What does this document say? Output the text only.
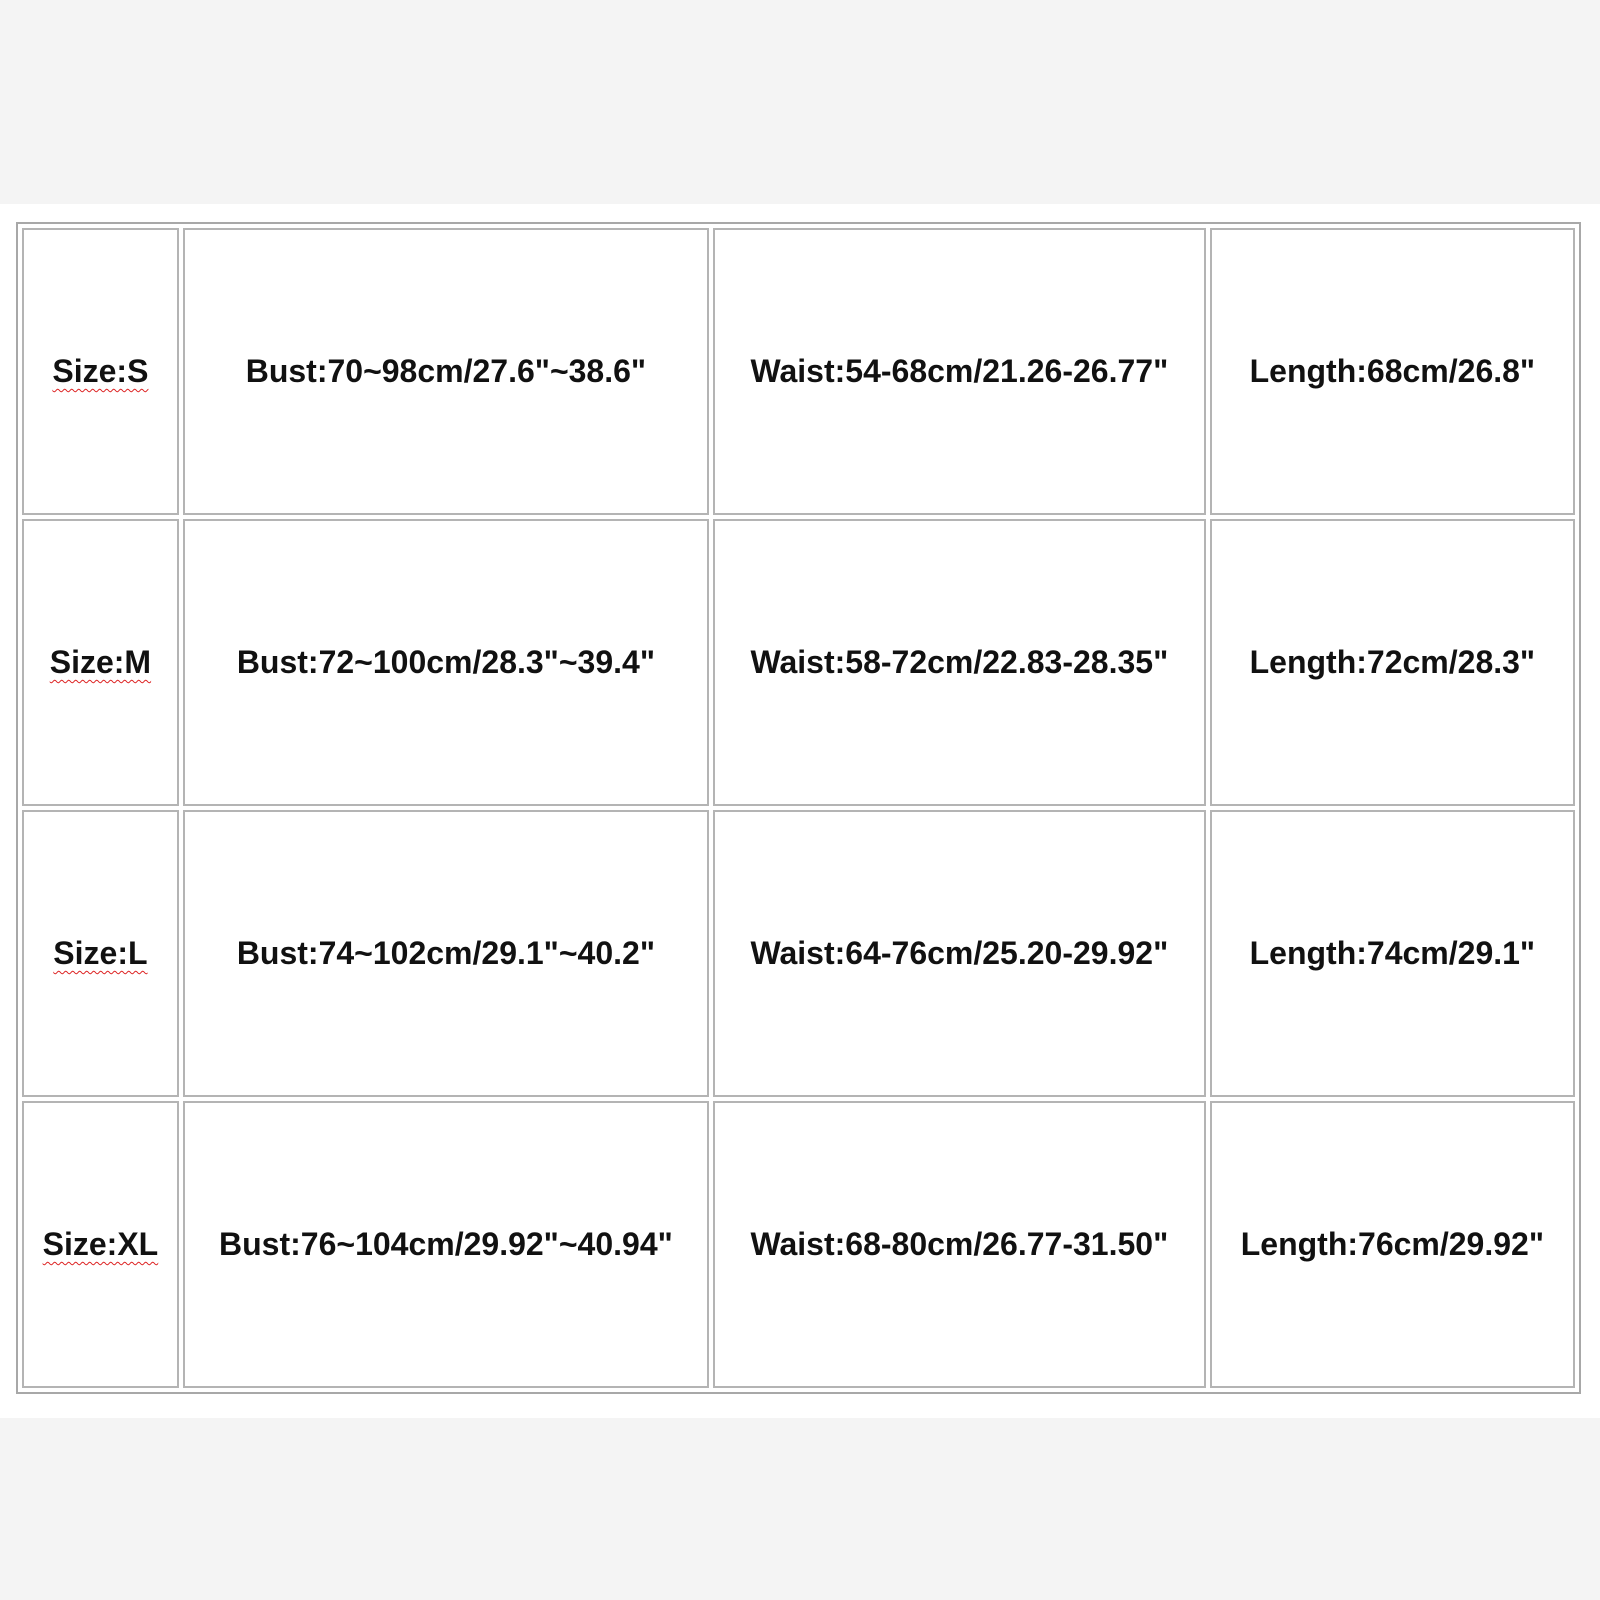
Size:S	Bust:70~98cm/27.6"~38.6"	Waist:54-68cm/21.26-26.77"	Length:68cm/26.8"
Size:M	Bust:72~100cm/28.3"~39.4"	Waist:58-72cm/22.83-28.35"	Length:72cm/28.3"
Size:L	Bust:74~102cm/29.1"~40.2"	Waist:64-76cm/25.20-29.92"	Length:74cm/29.1"
Size:XL	Bust:76~104cm/29.92"~40.94"	Waist:68-80cm/26.77-31.50"	Length:76cm/29.92"
